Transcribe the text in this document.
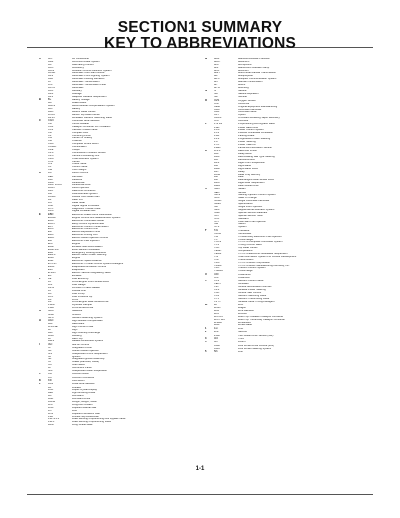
SECTION1 SUMMARY
KEY TO ABBREVIATIONS
A	A/C	Air Conditioner
ABS	Anti-Lock Brake System
AC	Alternating Current
ACC	Accessory
ACIS	Acoustic Control Induction System
ACSD	Automatic Cold Start Device
AFS	Automatic Front Lighting System
ALR	Automatic Locking Retractor
AT	Automatic Transmission
ATF	Automatic Transmission Fluid
AUTO	Automatic
AUX	Auxiliary
AVG	Average
AVS	Adaptive Variable Suspension
B	B+	Battery Voltage
BA	Brake Assist
BACS	Boost Altitude Compensation System
BAT	Battery
BDC	Bottom Dead Center
BTDC	Before Top Dead Center
BVSV	Bimetallic Vacuum Switching Valve
C	CAN	Controller Area Network
CB	Circuit Breaker
CCo	Catalytic Converter For Oxidation
CCV	Canister Closed Valve
CD	Compact Disc
CF	Cornering Force
CG	Center Of Gravity
CH	Channel
CKD	Complete Knock Down
COMB.	Combination
CPE	Coupe
CPS	Combustion Pressure Sensor
CPU	Central Processing Unit
CRS	Child Restraint System
CTR	Center
C/V	Check Valve
CV	Control Valve
CW	Curb Weight
D	DC	Direct Current
DEF	Defroster
DFL	Deflector
DIFF.	Differential
DIFF. LOCK	Differential Lock
D/INJ	Direct Injection
DLC	Data Link Connector
DLI	Distributorless Ignition
DOHC	Double Over Head Cam
DP	Dash Pot
DS	Dead Soak
DSP	Digital Signal Processor
DTC	Diagnostic Trouble Code
DVD	Digital Versatile Disc
E	EBD	Electronic Brake Force Distribution
ECAM	Engine Control And Measurement System
ECD	Electronic Controlled Diesel
ECDY	Eddy Current Dynamometer
ECT	Electronic Control Transmission
ECU	Electronic Control Unit
ED	Electro-Deposited Prime
EDU	Electronic Driving Unit
EDIC	Electric Diesel Injection Control
EFI	Electronic Fuel Injection
E/G	Engine
EGR	Exhaust Gas Recirculation
EGR-VM	EGR-Vacuum Modulator
ELR	Emergency Locking Retractor
EMPS	Electric Motor Power Steering
ENG	Engine
ESA	Electronic Spark Advance
ETCS-i	Electronic Throttle Control System-intelligent
EVAP	Evaporative Emission Control
EVP	Evaporator
E-VRV	Electric Vacuum Regulating Valve
EX	Exhaust
F	FE	Fuel Economy
FF	Front-Engine Front-Wheel-Drive
F/G	Fuel Gauge
FIPG	Formed in Place Gasket
FL	Fusible Link
F/P	Fuel Pump
FPU	Fuel Pressure Up
FR	Front
FR	Front-Engine Rear-Wheel-Drive
FW/D	Flywheel Damper
FWD	Front-Wheel-Drive
G	GAS	Gasoline
GND	Ground
GPS	Global Positioning System
H	HAC	High Altitude Compensator
H/B	Hatchback
H-FUSE	High Current Fuse
HI	High
HID	High Intensity Discharge
HSG	Housing
HT	Hard Top
HWS	Heated Windshield System
I	IAC	Idle Air Control
IC	Integrated Circuit
IDI	Indirect Diesel Injection
IFS	Independent Front Suspension
IG	Ignition
IIA	Integrated Ignition Assembly
IN	Intake (Manifold, Valve)
INT	Intermittent
I/P	Instrument Panel
IRS	Independent Rear Suspension
J	J/B	Junction Block
J/C	Junction Connector
K	KD	Kick-Down
L	LAN	Local Area Network
LB	Liftback
LCD	Liquid Crystal Display
LED	Light Emitting Diode
LH	Left-Hand
LHD	Left-Hand Drive
L/H/W	Length, Height, Width
LLC	Long-Life Coolant
LNG	Liquified Natural Gas
LO	Low
LPG	Liquified Petroleum Gas
LSD	Limited Slip Differential
LSP & PV	Load Sensing Proportioning And Bypass Valve
LSPV	Load Sensing Proportioning Valve
LWB	Long Wheel Base
M	MAP	Manifold Absolute Pressure
MAX.	Maximum
MIC	Microphone
MIL	Malfunction Indicator Lamp
MIN.	Minimum
MMT	Multi-mode Manual Transmission
MP	Multipurpose
MPX	Multiplex Communication System
M/T	Manual Transmission
MT	Mount
MTG	Mounting
N	N	Neutral
NA	Natural Aspiration
No.	Number
O	O2S	Oxygen Sensor
O/D	Overdrive
OEM	Original Equipment Manufacturing
OHC	Overhead Camshaft
OHV	Overhead Valve
OPT	Option
ORVR	On-board Refueling Vapor Recovery
O/S	Oversize
P	P & BV	Proportioning And Bypass Valve
PBD	Power Back Door
PCS	Power Control System
PCV	Positive Crankcase Ventilation
PKB	Parking Brake
PPS	Progressive Power Steering
PS	Power Steering
PTO	Power Take-Off
PZEV	Partial Zero Emission Vehicle
R	R & P	Rack And Pinion
R/B	Relay Block
RBS	Recirculating Ball Type Steering
R/F	Reinforcement
RFS	Rigid Front Suspension
RH	Right-Hand
RHD	Right-Hand Drive
RLY	Relay
ROM	Read Only Memory
RR	Rear
RR	Rear-Engine Rear-Wheel Drive
RRS	Rigid Rear Suspension
RWD	Rear-Wheel Drive
S	SDN	Sedan
SEN	Sensor
SICS	Starting Injection Control System
SOC	State Of Charge
SOHC	Single Overhead Camshaft
SPEC	Specification
SPI	Single Point Injection
SRS	Supplemental Restraint System
SSM	Special Service Materials
SST	Special Service Tools
STD	Standard
STJ	Cold-Start Fuel Injection
SW	Switch
SYS	System
T	T/A	Transaxle
TACH	Tachometer
TBI	Throttle Body Electronic Fuel Injection
TC	Turbocharger
TCCS	TOYOTA Computer-Controlled System
TCV	Timing Control Valve
TDC	Top Dead Center
TEMP.	Temperature
TEMS	TOYOTA Electronic Modulated Suspension
TIS	Total Information System For Vehicle Development
T/M	Transmission
TMC	TOYOTA Motor Corporation
TMMK	TOYOTA Motor Manufacturing Kentucky, Inc.
TRC	Traction Control System
TURBO	Turbocharge
U	U/D	Underdrive
U/S	Undersize
V	VCV	Vacuum Control Valve
VENT	Ventilator
VIN	Vehicle Identification Number
VPS	Variable Power Steering
VSC	Vehicle Skid Control
VSV	Vacuum Switching Valve
VTV	Vacuum Transmitting Valve
VVT-i	Variable Valve Timing-intelligent
W	W/	With
WGN	Wagon
W/H	Wire Harness
W/O	Without
WU-OC	Warm Up Oxidation Catalytic Converter
WU-TWC	Warm Up Three-Way Catalytic Converter
WSHD	Windshield
WBF	Wheel Base
1	1st	First
2	2nd	Second
2WD	Two Wheel Drive Vehicle (4x2)
3	3rd	Third
4	4th	Fourth
4WD	Four Wheel Drive Vehicle (4x4)
4WS	Four Wheel Steering System
5	5th	Fifth
1-1
